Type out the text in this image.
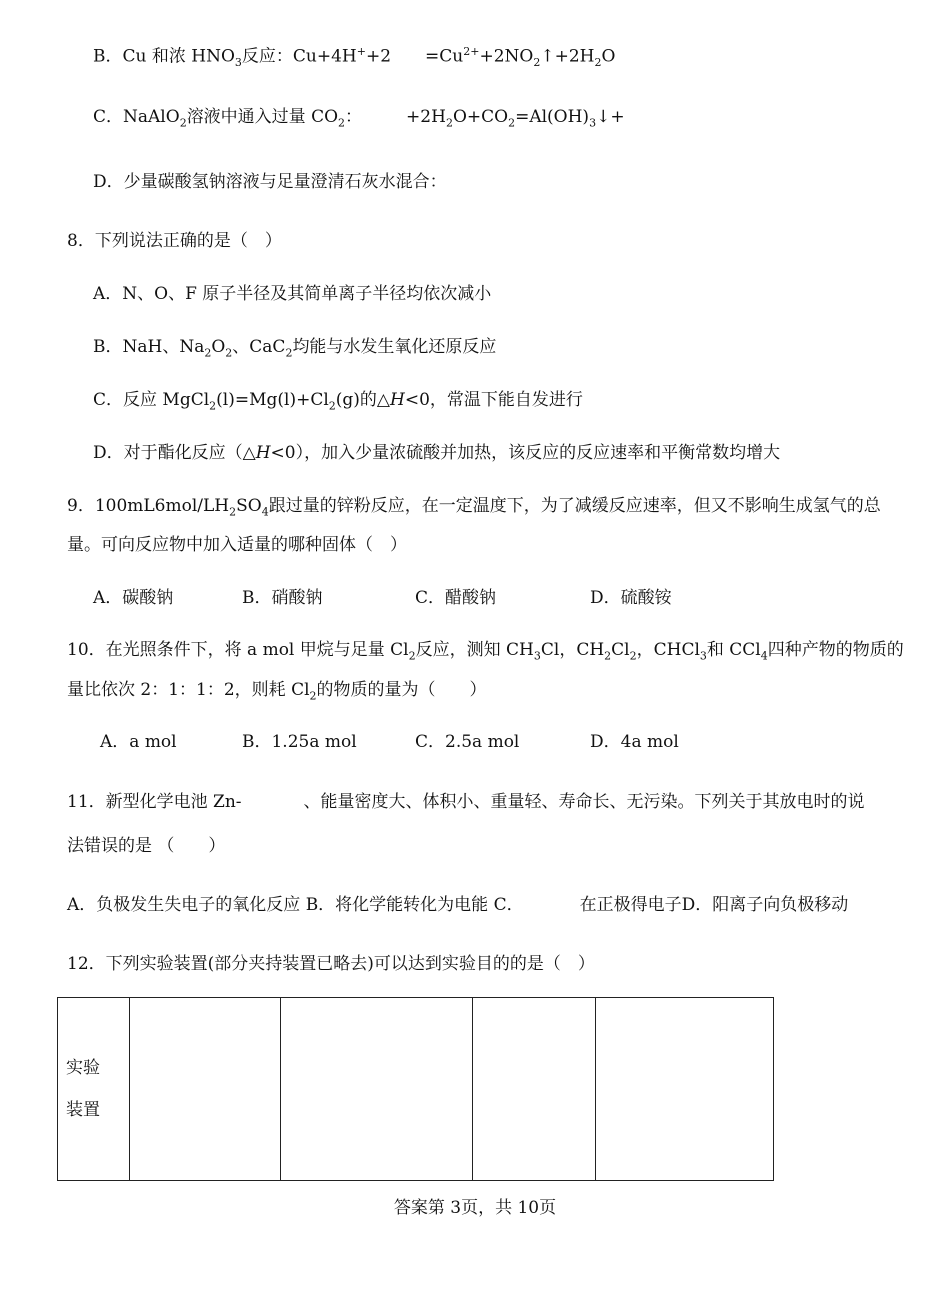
B．Cu 和浓 $HNO_3$反应：$Cu+4H^++2 =Cu^{2+}+2NO_2↑+2H_2O$
C．NaAlO$_2$溶液中通入过量 $CO_2$：	$+2H_2O+CO_2=Al(OH)_3↓+$
D．少量碳酸氢钠溶液与足量澄清石灰水混合：
8．下列说法正确的是（　）
A．N、O、F 原子半径及其简单离子半径均依次减小
B．NaH、$Na_2O_2$、CaC$_2$均能与水发生氧化还原反应
C．反应 $MgCl_2(l)=Mg(l)+Cl_2(g)$的△H<0，常温下能自发进行
D．对于酯化反应（△H<0），加入少量浓硫酸并加热，该反应的反应速率和平衡常数均增大
9．$100mL6mol/LH_2SO_4$跟过量的锌粉反应，在一定温度下，为了减缓反应速率，但又不影响生成氢气的总
量。可向反应物中加入适量的哪种固体（　）
A．碳酸钠	B．硝酸钠	C．醋酸钠	D．硫酸铵
10．在光照条件下，将 a mol 甲烷与足量 $Cl_2$反应，测知 $CH_3Cl$，$CH_2Cl_2$，CHCl$_3$和 CCl$_4$四种产物的物质的
量比依次 2：1：1：2，则耗 $Cl_2$的物质的量为（　　）
A．a mol	B．1.25a mol	C．2.5a mol	D．4a mol
11．新型化学电池 Zn-	、能量密度大、体积小、重量轻、寿命长、无污染。下列关于其放电时的说
法错误的是 （　　）
A．负极发生失电子的氧化反应 B．将化学能转化为电能 C．	在正极得电子D．阳离子向负极移动
12．下列实验装置(部分夹持装置已略去)可以达到实验目的的是（　）
实验
装置

答案第 3页，共 10页
